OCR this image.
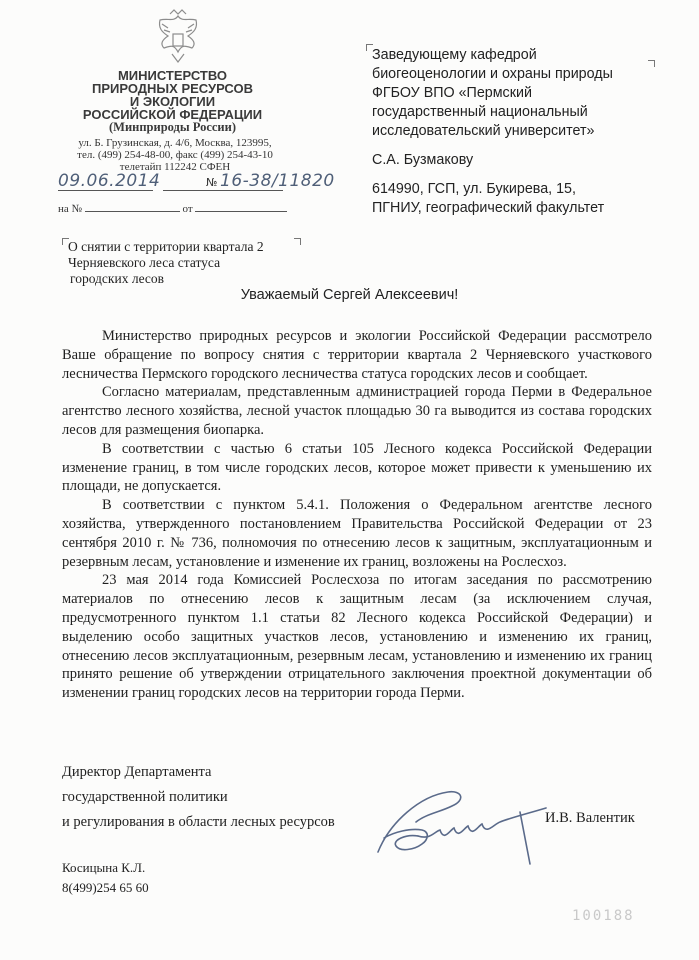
МИНИСТЕРСТВО
ПРИРОДНЫХ РЕСУРСОВ
И ЭКОЛОГИИ
РОССИЙСКОЙ ФЕДЕРАЦИИ
(Минприроды России)
ул. Б. Грузинская, д. 4/6, Москва, 123995,
тел. (499) 254-48-00, факс (499) 254-43-10
телетайп 112242 СФЕН
09.06.2014	№ 16-38/11820
на №	от
Заведующему кафедрой
биогеоценологии и охраны природы
ФГБОУ ВПО «Пермский
государственный национальный
исследовательский университет»
С.А. Бузмакову
614990, ГСП, ул. Букирева, 15,
ПГНИУ, географический факультет
О снятии с территории квартала 2
Черняевского леса статуса
городских лесов
Уважаемый Сергей Алексеевич!

Министерство природных ресурсов и экологии Российской Федерации рассмотрело Ваше обращение по вопросу снятия с территории квартала 2 Черняевского участкового лесничества Пермского городского лесничества статуса городских лесов и сообщает.

Согласно материалам, представленным администрацией города Перми в Федеральное агентство лесного хозяйства, лесной участок площадью 30 га выводится из состава городских лесов для размещения биопарка.

В соответствии с частью 6 статьи 105 Лесного кодекса Российской Федерации изменение границ, в том числе городских лесов, которое может привести к уменьшению их площади, не допускается.

В соответствии с пунктом 5.4.1. Положения о Федеральном агентстве лесного хозяйства, утвержденного постановлением Правительства Российской Федерации от 23 сентября 2010 г. № 736, полномочия по отнесению лесов к защитным, эксплуатационным и резервным лесам, установление и изменение их границ, возложены на Рослесхоз.

23 мая 2014 года Комиссией Рослесхоза по итогам заседания по рассмотрению материалов по отнесению лесов к защитным лесам (за исключением случая, предусмотренного пунктом 1.1 статьи 82 Лесного кодекса Российской Федерации) и выделению особо защитных участков лесов, установлению и изменению их границ, отнесению лесов эксплуатационным, резервным лесам, установлению и изменению их границ принято решение об утверждении отрицательного заключения проектной документации об изменении границ городских лесов на территории города Перми.

Директор Департамента
государственной политики
и регулирования в области лесных ресурсов	И.В. Валентик
Косицына К.Л.
8(499)254 65 60
100188
